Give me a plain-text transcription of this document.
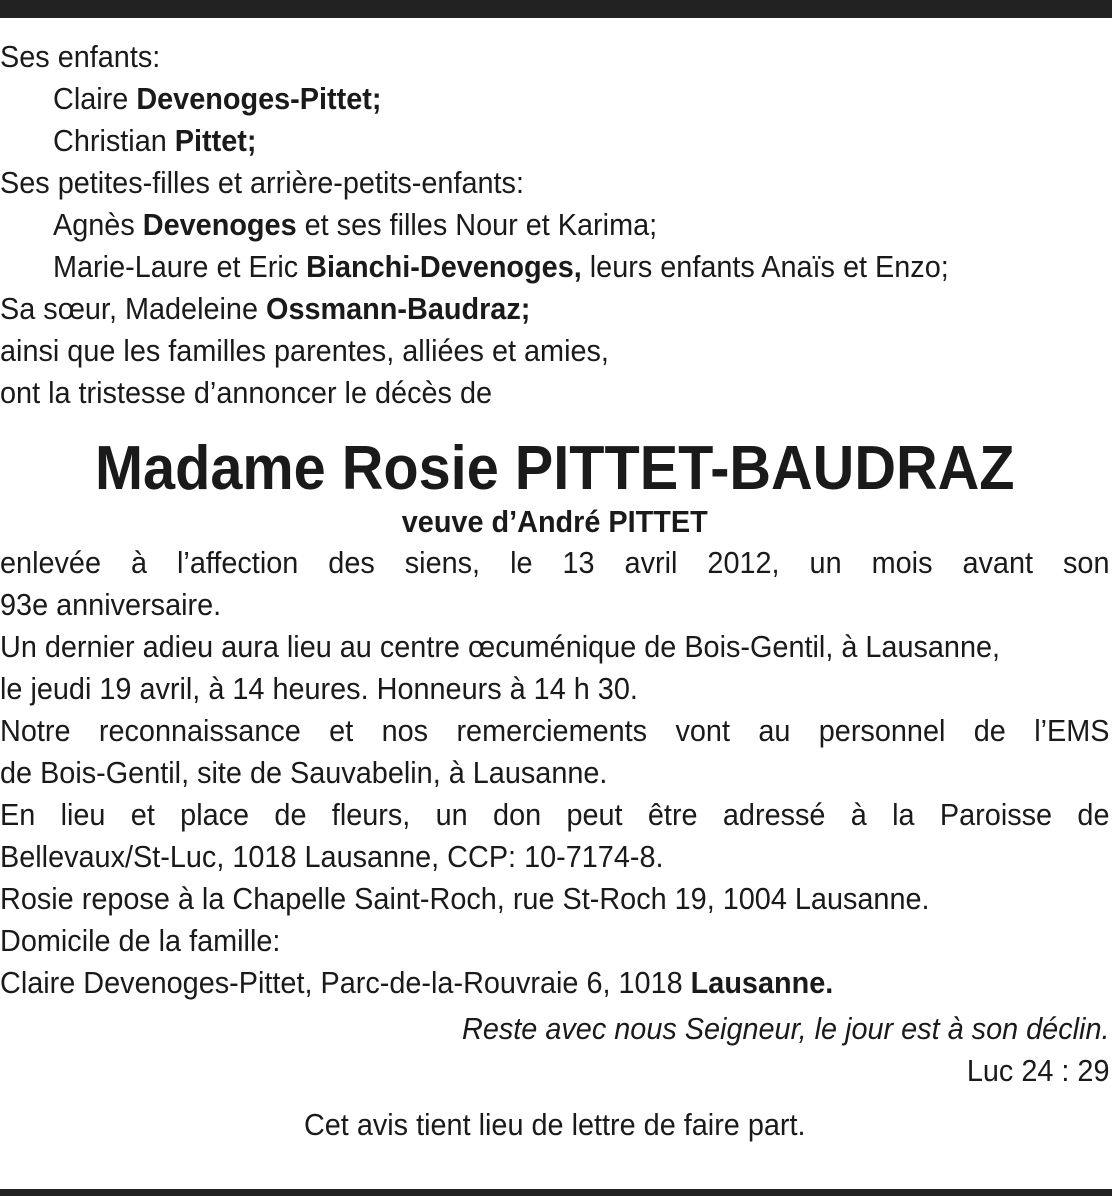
Ses enfants:
Claire Devenoges-Pittet;
Christian Pittet;
Ses petites-filles et arrière-petits-enfants:
Agnès Devenoges et ses filles Nour et Karima;
Marie-Laure et Eric Bianchi-Devenoges, leurs enfants Anaïs et Enzo;
Sa sœur, Madeleine Ossmann-Baudraz;
ainsi que les familles parentes, alliées et amies,
ont la tristesse d’annoncer le décès de
Madame Rosie PITTET-BAUDRAZ
veuve d’André PITTET
enlevée à l’affection des siens, le 13 avril 2012, un mois avant son
93e anniversaire.
Un dernier adieu aura lieu au centre œcuménique de Bois-Gentil, à Lausanne,
le jeudi 19 avril, à 14 heures. Honneurs à 14 h 30.
Notre reconnaissance et nos remerciements vont au personnel de l’EMS
de Bois-Gentil, site de Sauvabelin, à Lausanne.
En lieu et place de fleurs, un don peut être adressé à la Paroisse de
Bellevaux/St-Luc, 1018 Lausanne, CCP: 10-7174-8.
Rosie repose à la Chapelle Saint-Roch, rue St-Roch 19, 1004 Lausanne.
Domicile de la famille:
Claire Devenoges-Pittet, Parc-de-la-Rouvraie 6, 1018 Lausanne.
Reste avec nous Seigneur, le jour est à son déclin.
Luc 24 : 29
Cet avis tient lieu de lettre de faire part.
